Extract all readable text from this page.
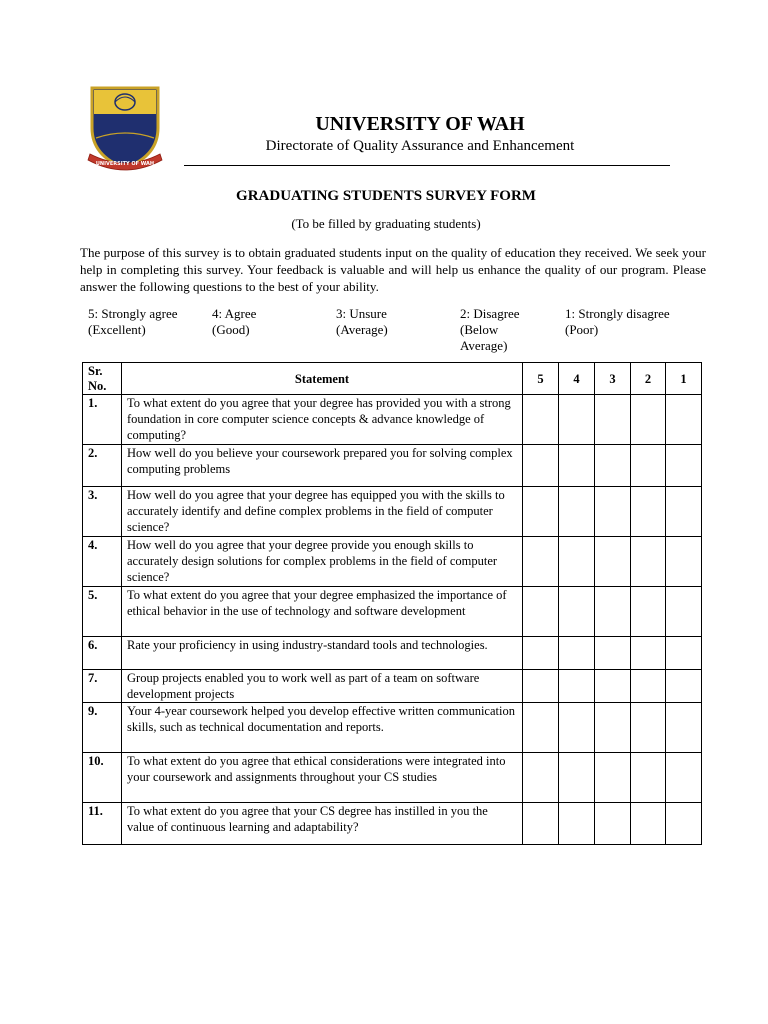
UNIVERSITY OF WAH
UNIVERSITY OF WAH
Directorate of Quality Assurance and Enhancement
GRADUATING STUDENTS SURVEY FORM
(To be filled by graduating students)

The purpose of this survey is to obtain graduated students input on the quality of education they received. We seek your help in completing this survey. Your feedback is valuable and will help us enhance the quality of our program. Please answer the following questions to the best of your ability.

5: Strongly agree
(Excellent)
4: Agree
(Good)
3: Unsure
(Average)
2: Disagree
(Below
Average)
1: Strongly disagree
(Poor)
Sr.
No.	Statement	5	4	3	2	1
1.	To what extent do you agree that your degree has provided you with a strong foundation in core computer science concepts & advance knowledge of computing?					
2.	How well do you believe your coursework prepared you for solving complex computing problems					
3.	How well do you agree that your degree has equipped you with the skills to accurately identify and define complex problems in the field of computer science?					
4.	How well do you agree that your degree provide you enough skills to accurately design solutions for complex problems in the field of computer science?					
5.	To what extent do you agree that your degree emphasized the importance of ethical behavior in the use of technology and software development					
6.	Rate your proficiency in using industry-standard tools and technologies.					
7.	Group projects enabled you to work well as part of a team on software development projects					
9.	Your 4-year coursework helped you develop effective written communication skills, such as technical documentation and reports.					
10.	To what extent do you agree that ethical considerations were integrated into your coursework and assignments throughout your CS studies					
11.	To what extent do you agree that your CS degree has instilled in you the value of continuous learning and adaptability?					
